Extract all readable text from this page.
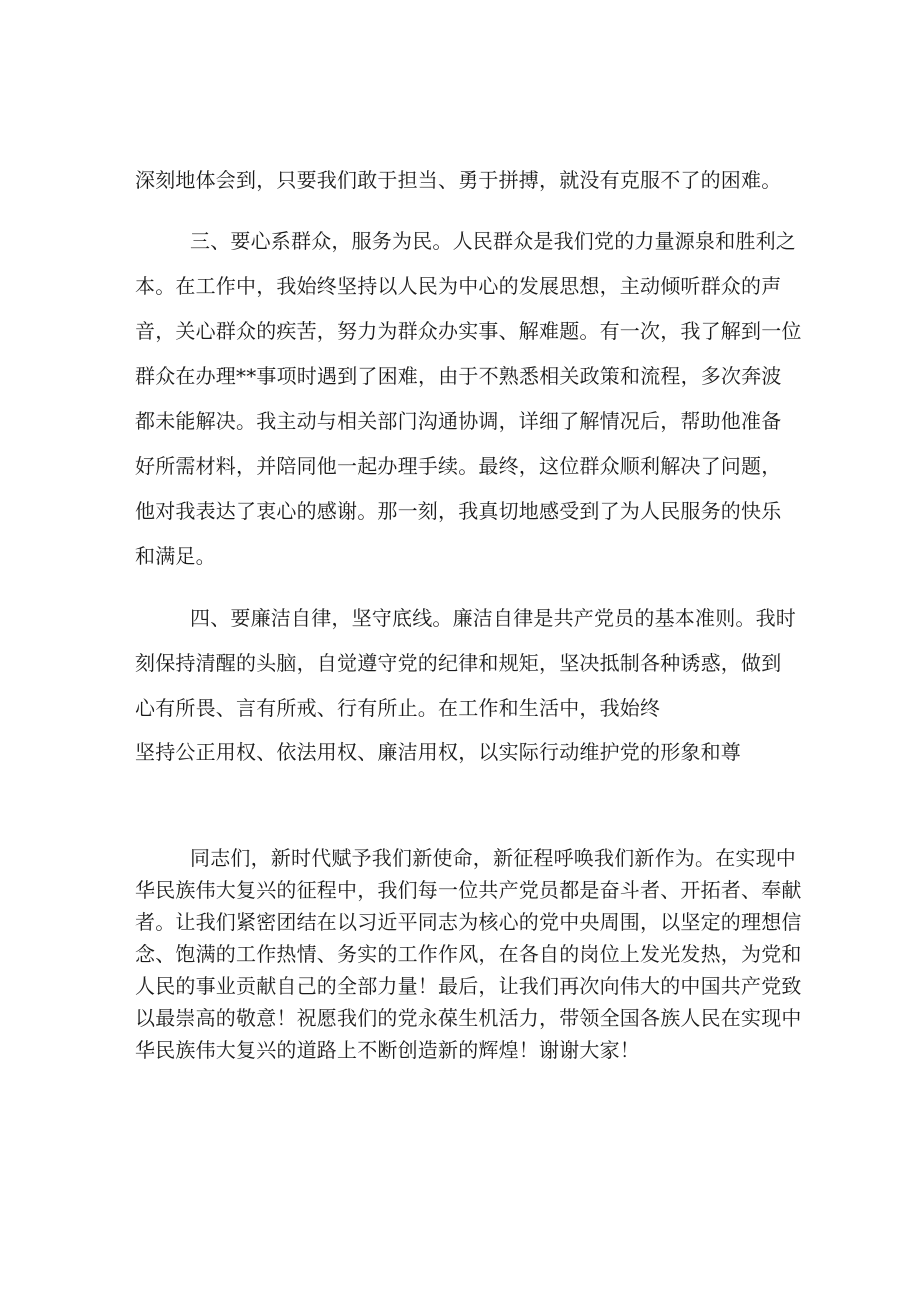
深刻地体会到，只要我们敢于担当、勇于拼搏，就没有克服不了的困难。
三、要心系群众，服务为民。人民群众是我们党的力量源泉和胜利之
本。在工作中，我始终坚持以人民为中心的发展思想，主动倾听群众的声
音，关心群众的疾苦，努力为群众办实事、解难题。有一次，我了解到一位
群众在办理**事项时遇到了困难，由于不熟悉相关政策和流程，多次奔波
都未能解决。我主动与相关部门沟通协调，详细了解情况后，帮助他准备
好所需材料，并陪同他一起办理手续。最终，这位群众顺利解决了问题，
他对我表达了衷心的感谢。那一刻，我真切地感受到了为人民服务的快乐
和满足。
四、要廉洁自律，坚守底线。廉洁自律是共产党员的基本准则。我时
刻保持清醒的头脑，自觉遵守党的纪律和规矩，坚决抵制各种诱惑，做到
心有所畏、言有所戒、行有所止。在工作和生活中，我始终
坚持公正用权、依法用权、廉洁用权，以实际行动维护党的形象和尊
同志们，新时代赋予我们新使命，新征程呼唤我们新作为。在实现中
华民族伟大复兴的征程中，我们每一位共产党员都是奋斗者、开拓者、奉献
者。让我们紧密团结在以习近平同志为核心的党中央周围，以坚定的理想信
念、饱满的工作热情、务实的工作作风，在各自的岗位上发光发热，为党和
人民的事业贡献自己的全部力量！最后，让我们再次向伟大的中国共产党致
以最崇高的敬意！祝愿我们的党永葆生机活力，带领全国各族人民在实现中
华民族伟大复兴的道路上不断创造新的辉煌！谢谢大家！
